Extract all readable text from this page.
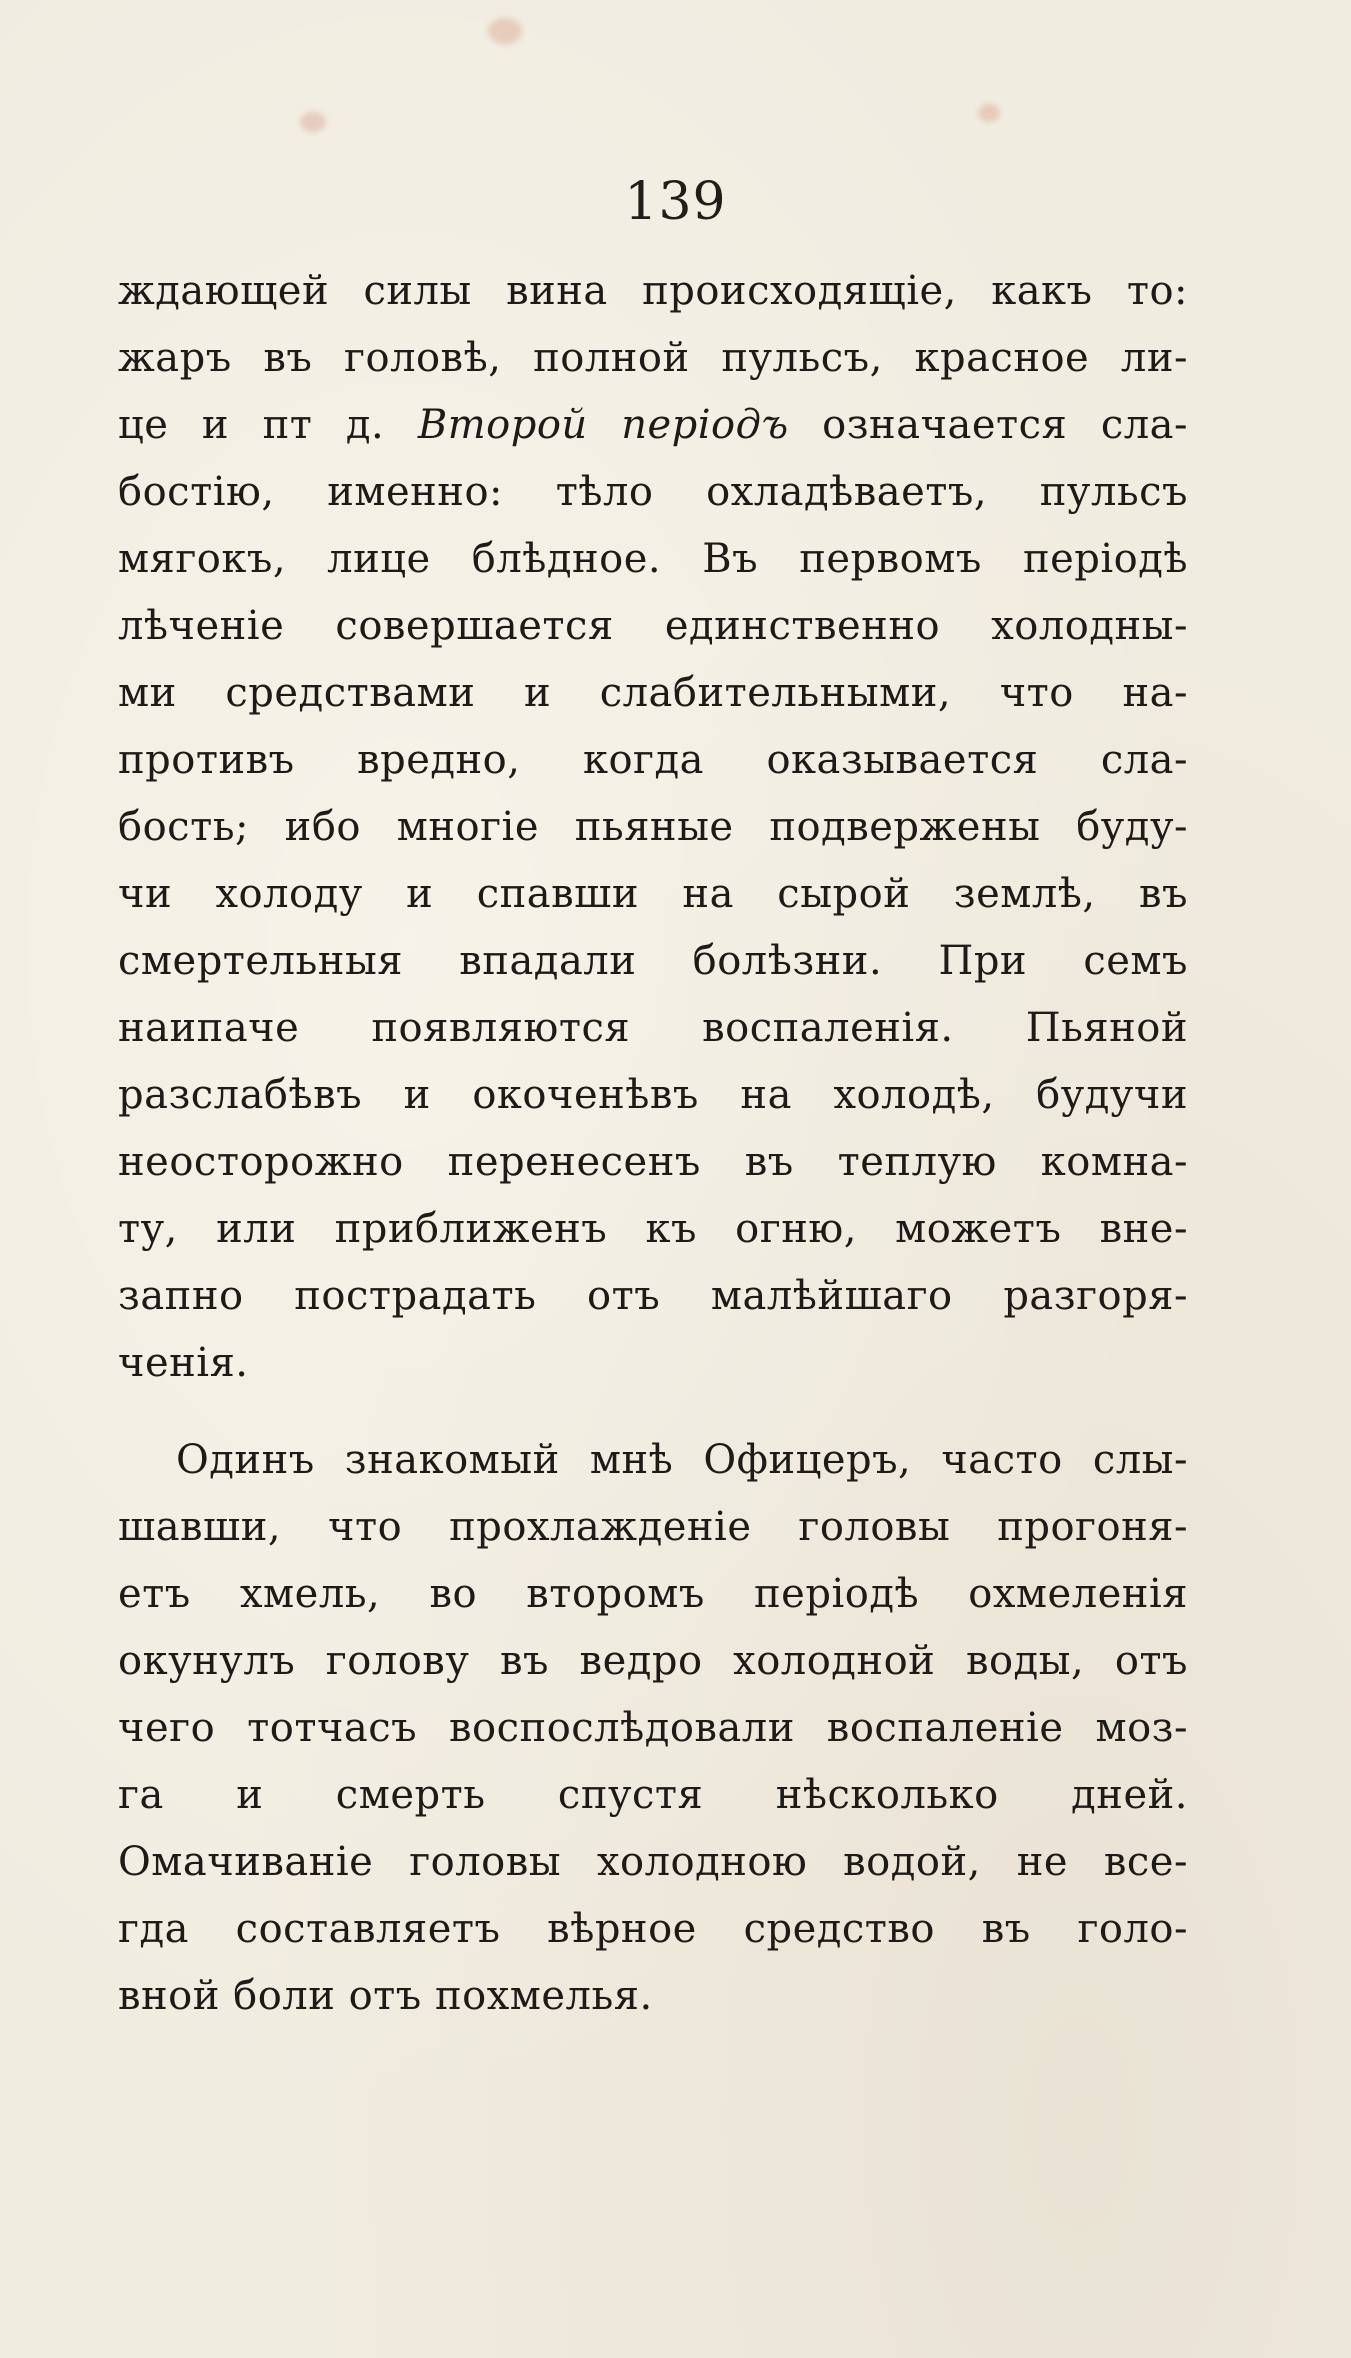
139
ждающей силы вина происходящіе, какъ то:
жаръ въ головѣ, полной пульсъ, красное ли-
це и пт д. Второй періодъ означается сла-
бостію, именно: тѣло охладѣваетъ, пульсъ
мягокъ, лице блѣдное. Въ первомъ періодѣ
лѣченіе совершается единственно холодны-
ми средствами и слабительными, что на-
противъ вредно, когда оказывается сла-
бость; ибо многіе пьяные подвержены буду-
чи холоду и спавши на сырой землѣ, въ
смертельныя впадали болѣзни. При семъ
наипаче появляются воспаленія. Пьяной
разслабѣвъ и окоченѣвъ на холодѣ, будучи
неосторожно перенесенъ въ теплую комна-
ту, или приближенъ къ огню, можетъ вне-
запно пострадать отъ малѣйшаго разгоря-
ченія.
Одинъ знакомый мнѣ Офицеръ, часто слы-
шавши, что прохлажденіе головы прогоня-
етъ хмель, во второмъ періодѣ охмеленія
окунулъ голову въ ведро холодной воды, отъ
чего тотчасъ воспослѣдовали воспаленіе моз-
га и смерть спустя нѣсколько дней.
Омачиваніе головы холодною водой, не все-
гда составляетъ вѣрное средство въ голо-
вной боли отъ похмелья.
